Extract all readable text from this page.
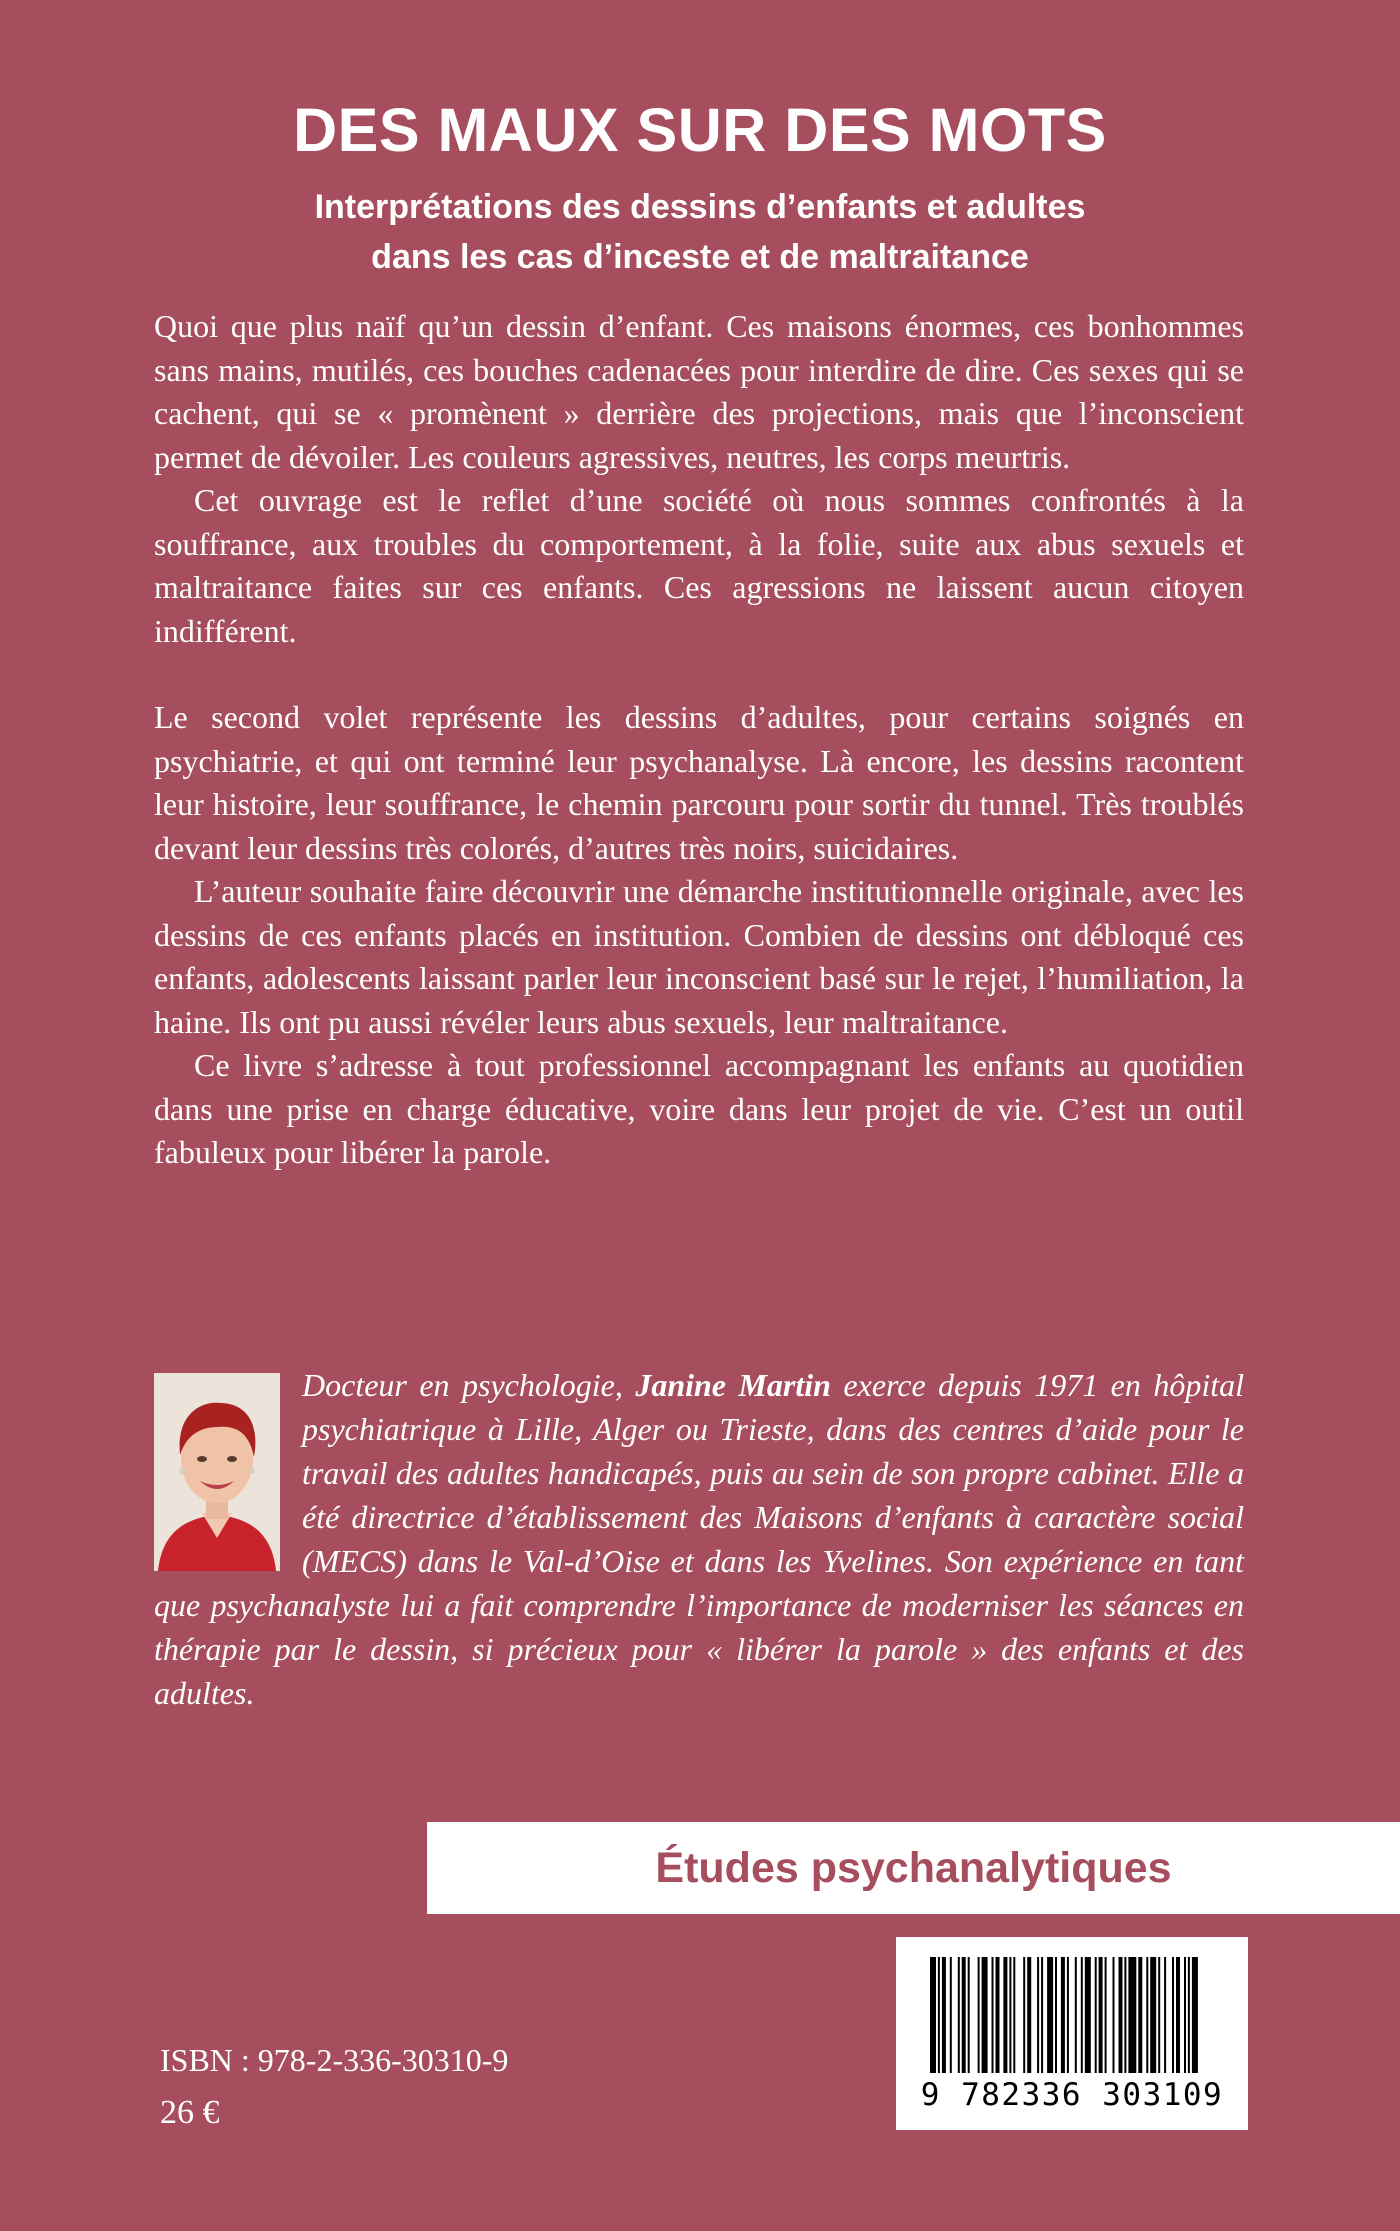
DES MAUX SUR DES MOTS
Interprétations des dessins d’enfants et adultes
dans les cas d’inceste et de maltraitance

Quoi que plus naïf qu’un dessin d’enfant. Ces maisons énormes, ces bonhommes sans mains, mutilés, ces bouches cadenacées pour interdire de dire. Ces sexes qui se cachent, qui se « promènent » derrière des projections, mais que l’inconscient permet de dévoiler. Les couleurs agressives, neutres, les corps meurtris.

Cet ouvrage est le reflet d’une société où nous sommes confrontés à la souffrance, aux troubles du comportement, à la folie, suite aux abus sexuels et maltraitance faites sur ces enfants. Ces agressions ne laissent aucun citoyen indifférent.

Le second volet représente les dessins d’adultes, pour certains soignés en psychiatrie, et qui ont terminé leur psychanalyse. Là encore, les dessins racontent leur histoire, leur souffrance, le chemin parcouru pour sortir du tunnel. Très troublés devant leur dessins très colorés, d’autres très noirs, suicidaires.

L’auteur souhaite faire découvrir une démarche institutionnelle originale, avec les dessins de ces enfants placés en institution. Combien de dessins ont débloqué ces enfants, adolescents laissant parler leur inconscient basé sur le rejet, l’humiliation, la haine. Ils ont pu aussi révéler leurs abus sexuels, leur maltraitance.

Ce livre s’adresse à tout professionnel accompagnant les enfants au quotidien dans une prise en charge éducative, voire dans leur projet de vie. C’est un outil fabuleux pour libérer la parole.

Docteur en psychologie, Janine Martin exerce depuis 1971 en hôpital psychiatrique à Lille, Alger ou Trieste, dans des centres d’aide pour le travail des adultes handicapés, puis au sein de son propre cabinet. Elle a été directrice d’établissement des Maisons d’enfants à caractère social (MECS) dans le Val-d’Oise et dans les Yvelines. Son expérience en tant que psychanalyste lui a fait comprendre l’importance de moderniser les séances en thérapie par le dessin, si précieux pour « libérer la parole » des enfants et des adultes.
Études psychanalytiques
9 782336 303109
ISBN : 978-2-336-30310-9
26 €
